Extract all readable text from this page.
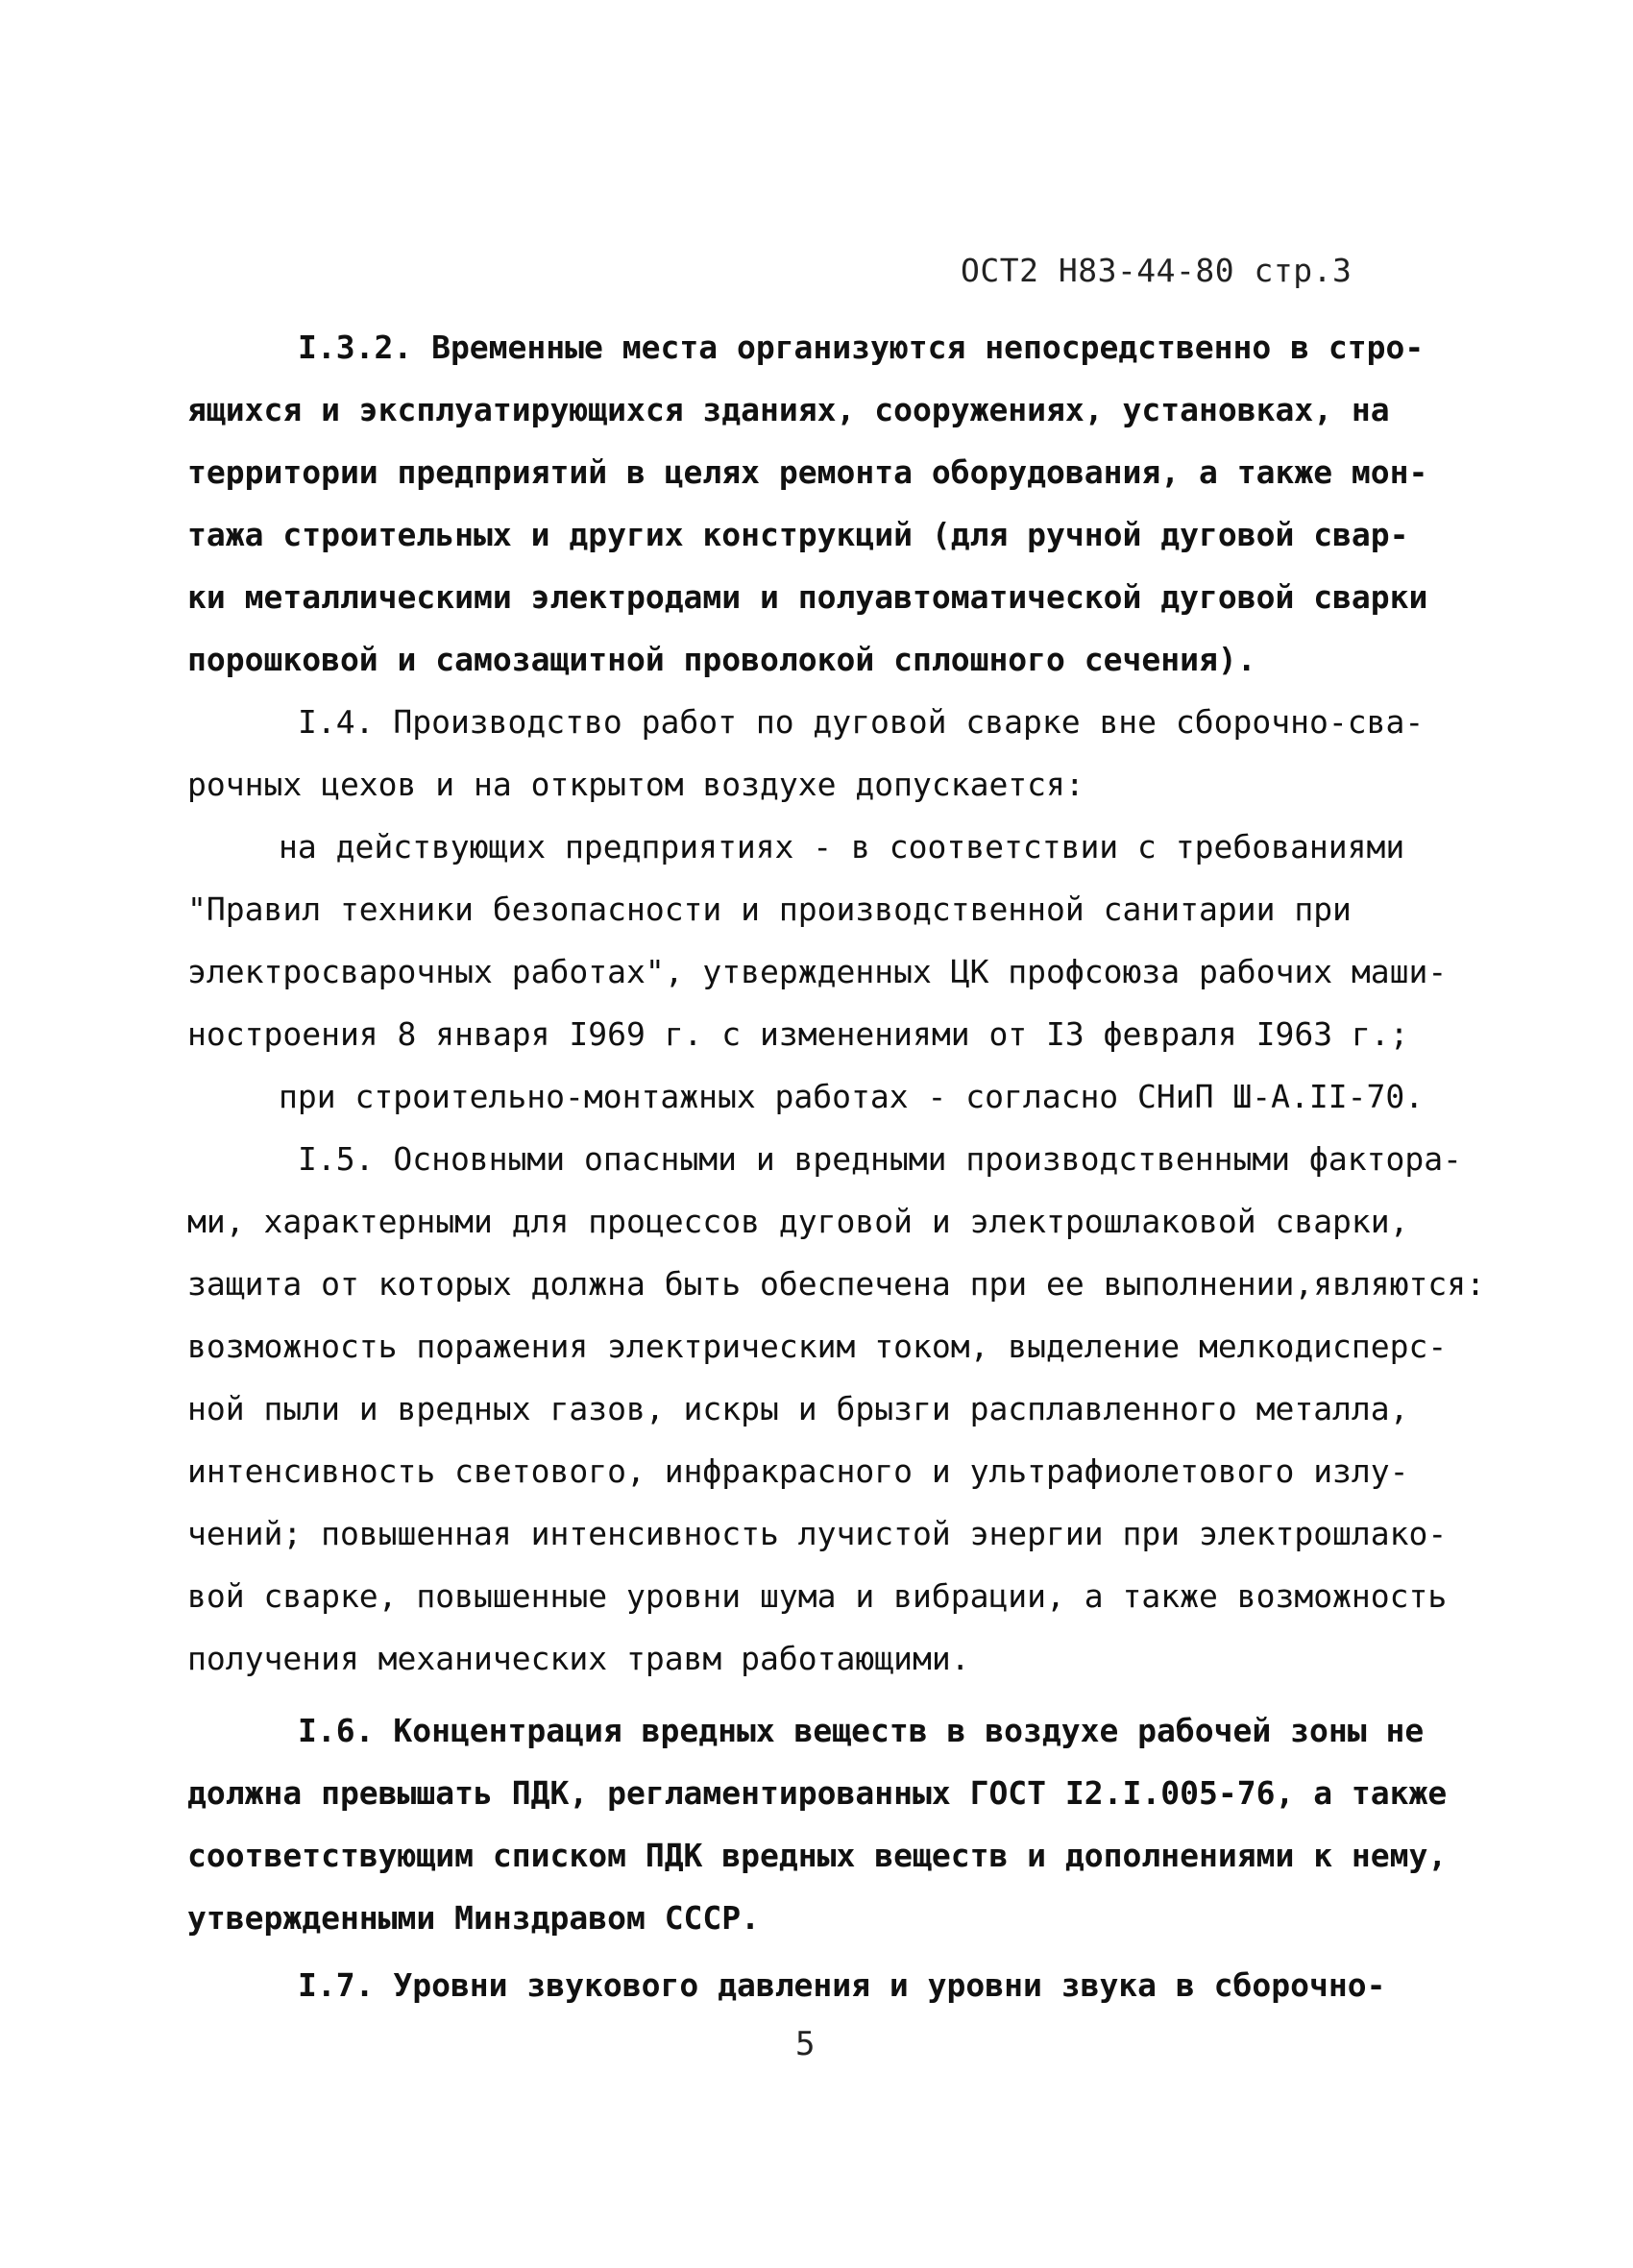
ОСТ2 Н83-44-80 стр.3
I.3.2. Временные места организуются непосредственно в стро-
ящихся и эксплуатирующихся зданиях, сооружениях, установках, на
территории предприятий в целях ремонта оборудования, а также мон-
тажа строительных и других конструкций (для ручной дуговой свар-
ки металлическими электродами и полуавтоматической дуговой сварки
порошковой и самозащитной проволокой сплошного сечения).
I.4. Производство работ по дуговой сварке вне сборочно-сва-
рочных цехов и на открытом воздухе допускается:
на действующих предприятиях - в соответствии с требованиями
"Правил техники безопасности и производственной санитарии при
электросварочных работах", утвержденных ЦК профсоюза рабочих маши-
ностроения 8 января I969 г. с изменениями от I3 февраля I963 г.;
при строительно-монтажных работах - согласно СНиП Ш-А.II-70.
I.5. Основными опасными и вредными производственными фактора-
ми, характерными для процессов дуговой и электрошлаковой сварки,
защита от которых должна быть обеспечена при ее выполнении,являются:
возможность поражения электрическим током, выделение мелкодисперс-
ной пыли и вредных газов, искры и брызги расплавленного металла,
интенсивность светового, инфракрасного и ультрафиолетового излу-
чений; повышенная интенсивность лучистой энергии при электрошлако-
вой сварке, повышенные уровни шума и вибрации, а также возможность
получения механических травм работающими.
I.6. Концентрация вредных веществ в воздухе рабочей зоны не
должна превышать ПДК, регламентированных ГОСТ I2.I.005-76, а также
соответствующим списком ПДК вредных веществ и дополнениями к нему,
утвержденными Минздравом СССР.
I.7. Уровни звукового давления и уровни звука в сборочно-
5
